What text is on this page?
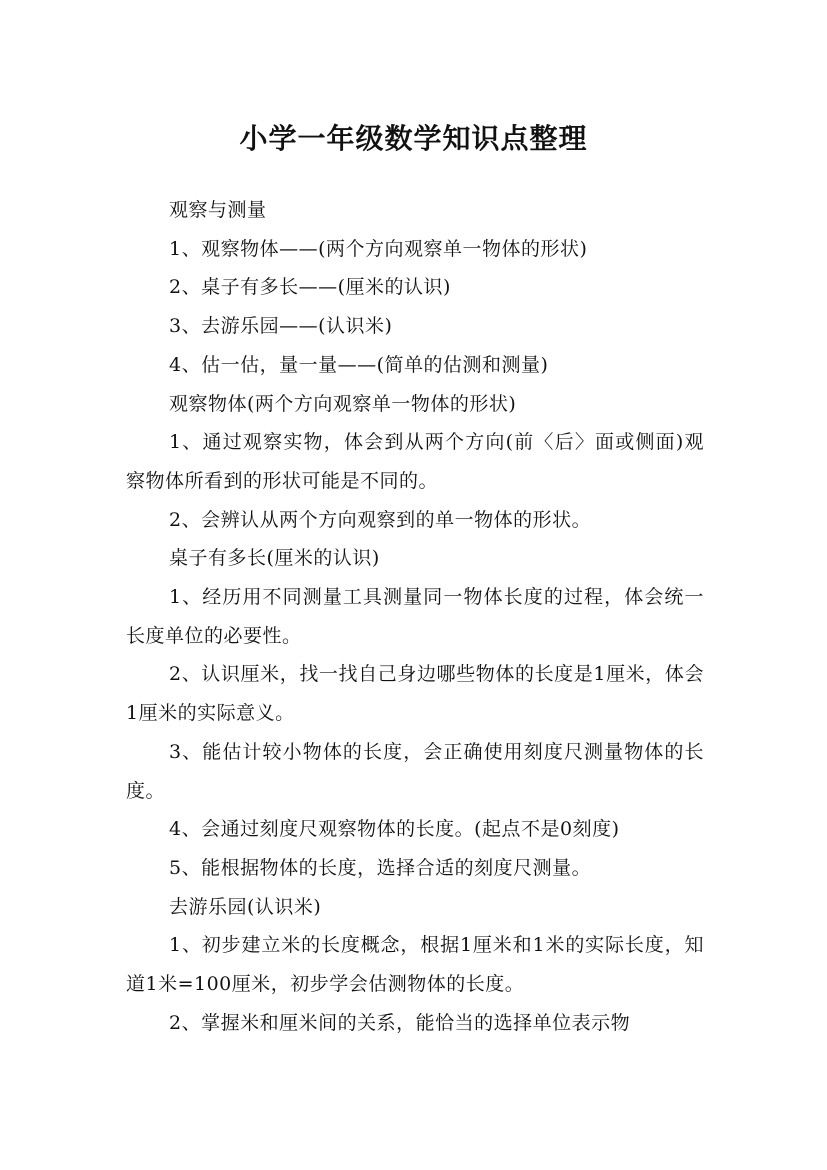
小学一年级数学知识点整理

观察与测量

1、观察物体——(两个方向观察单一物体的形状)

2、桌子有多长——(厘米的认识)

3、去游乐园——(认识米)

4、估一估，量一量——(简单的估测和测量)

观察物体(两个方向观察单一物体的形状)

1、通过观察实物，体会到从两个方向(前〈后〉面或侧面)观察物体所看到的形状可能是不同的。

2、会辨认从两个方向观察到的单一物体的形状。

桌子有多长(厘米的认识)

1、经历用不同测量工具测量同一物体长度的过程，体会统一长度单位的必要性。

2、认识厘米，找一找自己身边哪些物体的长度是1厘米，体会1厘米的实际意义。

3、能估计较小物体的长度，会正确使用刻度尺测量物体的长度。

4、会通过刻度尺观察物体的长度。(起点不是0刻度)

5、能根据物体的长度，选择合适的刻度尺测量。

去游乐园(认识米)

1、初步建立米的长度概念，根据1厘米和1米的实际长度，知道1米=100厘米，初步学会估测物体的长度。

2、掌握米和厘米间的关系，能恰当的选择单位表示物
